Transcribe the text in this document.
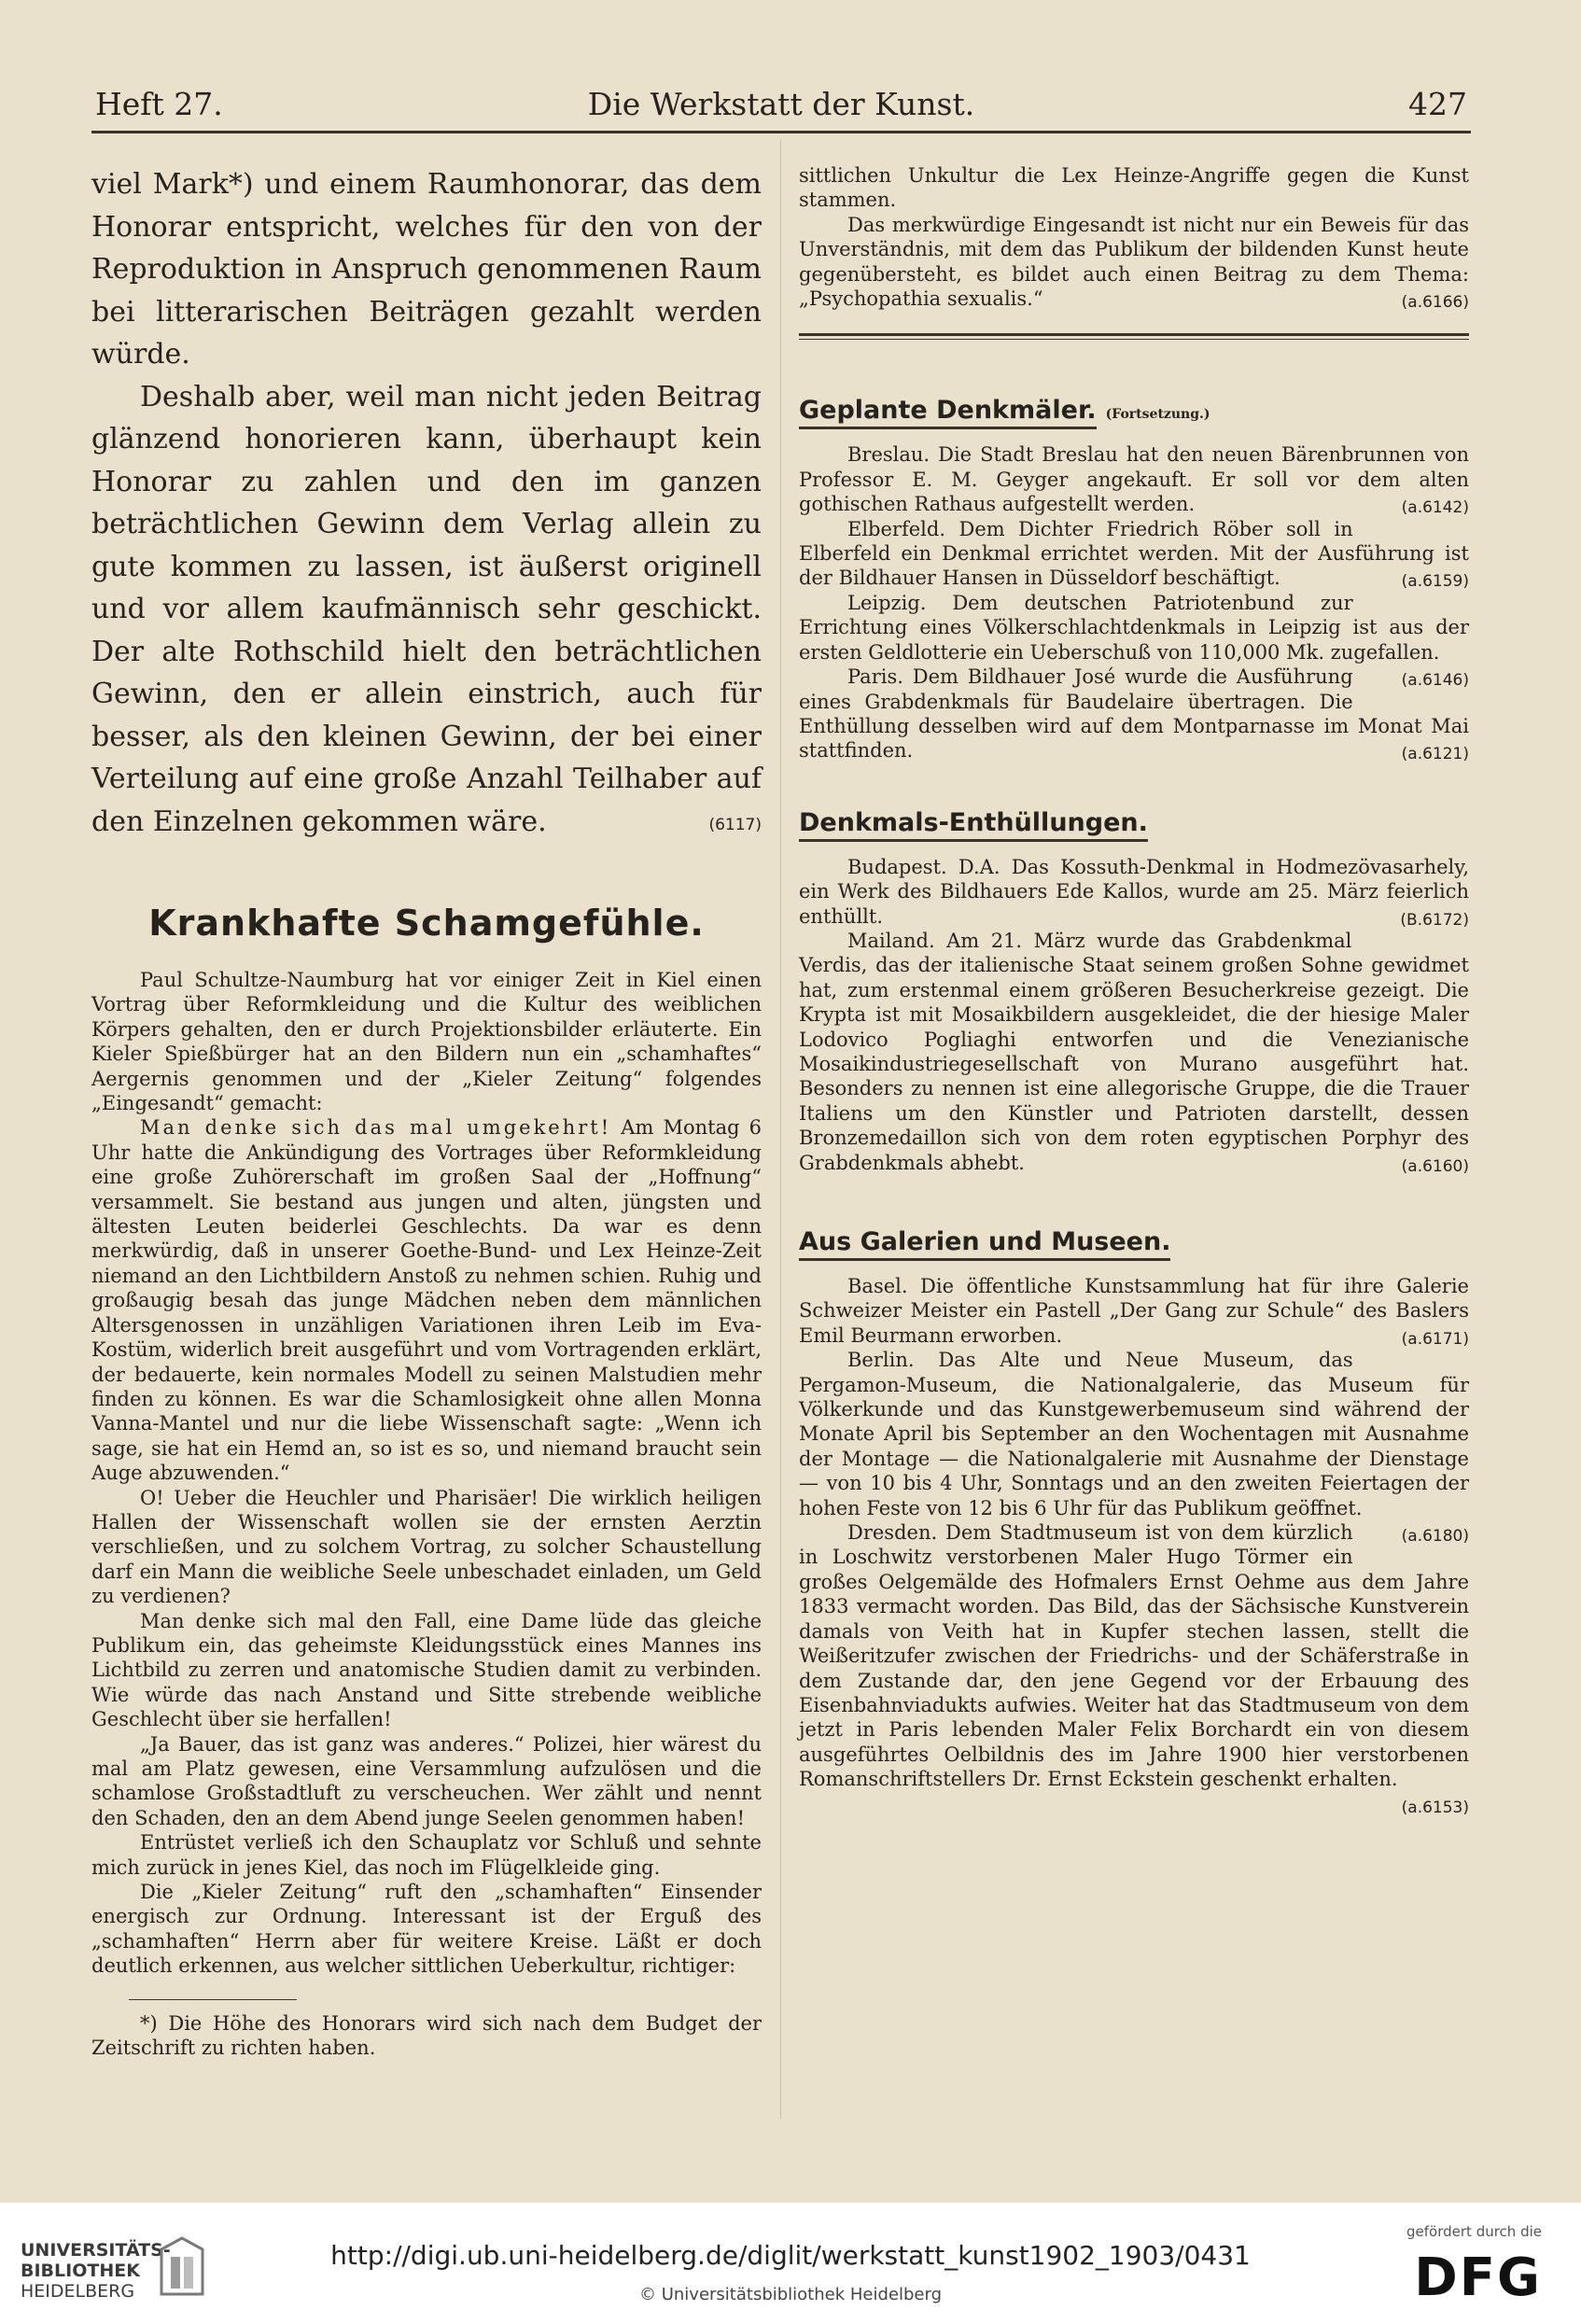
Heft 27.	Die Werkstatt der Kunst.	427

viel Mark*) und einem Raumhonorar, das dem Honorar entspricht, welches für den von der Reproduktion in Anspruch genommenen Raum bei litterarischen Beiträgen gezahlt werden würde.

Deshalb aber, weil man nicht jeden Beitrag glänzend honorieren kann, überhaupt kein Honorar zu zahlen und den im ganzen beträchtlichen Gewinn dem Verlag allein zu gute kommen zu lassen, ist äußerst originell und vor allem kaufmännisch sehr geschickt. Der alte Rothschild hielt den beträchtlichen Gewinn, den er allein einstrich, auch für besser, als den kleinen Gewinn, der bei einer Verteilung auf eine große Anzahl Teilhaber auf den Einzelnen gekommen wäre.	(6117)

Krankhafte Schamgefühle.

Paul Schultze-Naumburg hat vor einiger Zeit in Kiel einen Vortrag über Reformkleidung und die Kultur des weiblichen Körpers gehalten, den er durch Projektionsbilder erläuterte. Ein Kieler Spießbürger hat an den Bildern nun ein „schamhaftes“ Aergernis genommen und der „Kieler Zeitung“ folgendes „Eingesandt“ gemacht:

Man denke sich das mal umgekehrt! Am Montag 6 Uhr hatte die Ankündigung des Vortrages über Reformkleidung eine große Zuhörerschaft im großen Saal der „Hoffnung“ versammelt. Sie bestand aus jungen und alten, jüngsten und ältesten Leuten beiderlei Geschlechts. Da war es denn merkwürdig, daß in unserer Goethe-Bund- und Lex Heinze-Zeit niemand an den Lichtbildern Anstoß zu nehmen schien. Ruhig und großaugig besah das junge Mädchen neben dem männlichen Altersgenossen in unzähligen Variationen ihren Leib im Eva-Kostüm, widerlich breit ausgeführt und vom Vortragenden erklärt, der bedauerte, kein normales Modell zu seinen Malstudien mehr finden zu können. Es war die Schamlosigkeit ohne allen Monna Vanna-Mantel und nur die liebe Wissenschaft sagte: „Wenn ich sage, sie hat ein Hemd an, so ist es so, und niemand braucht sein Auge abzuwenden.“

O! Ueber die Heuchler und Pharisäer! Die wirklich heiligen Hallen der Wissenschaft wollen sie der ernsten Aerztin verschließen, und zu solchem Vortrag, zu solcher Schaustellung darf ein Mann die weibliche Seele unbeschadet einladen, um Geld zu verdienen?

Man denke sich mal den Fall, eine Dame lüde das gleiche Publikum ein, das geheimste Kleidungsstück eines Mannes ins Lichtbild zu zerren und anatomische Studien damit zu verbinden. Wie würde das nach Anstand und Sitte strebende weibliche Geschlecht über sie herfallen!

„Ja Bauer, das ist ganz was anderes.“ Polizei, hier wärest du mal am Platz gewesen, eine Versammlung aufzulösen und die schamlose Großstadtluft zu verscheuchen. Wer zählt und nennt den Schaden, den an dem Abend junge Seelen genommen haben!

Entrüstet verließ ich den Schauplatz vor Schluß und sehnte mich zurück in jenes Kiel, das noch im Flügelkleide ging.

Die „Kieler Zeitung“ ruft den „schamhaften“ Einsender energisch zur Ordnung. Interessant ist der Erguß des „schamhaften“ Herrn aber für weitere Kreise. Läßt er doch deutlich erkennen, aus welcher sittlichen Ueberkultur, richtiger:

*) Die Höhe des Honorars wird sich nach dem Budget der Zeitschrift zu richten haben.

sittlichen Unkultur die Lex Heinze-Angriffe gegen die Kunst stammen.

Das merkwürdige Eingesandt ist nicht nur ein Beweis für das Unverständnis, mit dem das Publikum der bildenden Kunst heute gegenübersteht, es bildet auch einen Beitrag zu dem Thema: „Psychopathia sexualis.“	(a.6166)

Geplante Denkmäler. (Fortsetzung.)

Breslau. Die Stadt Breslau hat den neuen Bärenbrunnen von Professor E. M. Geyger angekauft. Er soll vor dem alten gothischen Rathaus aufgestellt werden.	(a.6142)

Elberfeld. Dem Dichter Friedrich Röber soll in Elberfeld ein Denkmal errichtet werden. Mit der Ausführung ist der Bildhauer Hansen in Düsseldorf beschäftigt.	(a.6159)

Leipzig. Dem deutschen Patriotenbund zur Errichtung eines Völkerschlachtdenkmals in Leipzig ist aus der ersten Geldlotterie ein Ueberschuß von 110,000 Mk. zugefallen.
(a.6146)

Paris. Dem Bildhauer José wurde die Ausführung eines Grabdenkmals für Baudelaire übertragen. Die Enthüllung desselben wird auf dem Montparnasse im Monat Mai stattfinden.	(a.6121)

Denkmals-Enthüllungen.

Budapest. D.A. Das Kossuth-Denkmal in Hodmezövasarhely, ein Werk des Bildhauers Ede Kallos, wurde am 25. März feierlich enthüllt.	(B.6172)

Mailand. Am 21. März wurde das Grabdenkmal Verdis, das der italienische Staat seinem großen Sohne gewidmet hat, zum erstenmal einem größeren Besucherkreise gezeigt. Die Krypta ist mit Mosaikbildern ausgekleidet, die der hiesige Maler Lodovico Pogliaghi entworfen und die Venezianische Mosaikindustriegesellschaft von Murano ausgeführt hat. Besonders zu nennen ist eine allegorische Gruppe, die die Trauer Italiens um den Künstler und Patrioten darstellt, dessen Bronzemedaillon sich von dem roten egyptischen Porphyr des Grabdenkmals abhebt.	(a.6160)

Aus Galerien und Museen.

Basel. Die öffentliche Kunstsammlung hat für ihre Galerie Schweizer Meister ein Pastell „Der Gang zur Schule“ des Baslers Emil Beurmann erworben.	(a.6171)

Berlin. Das Alte und Neue Museum, das Pergamon-Museum, die Nationalgalerie, das Museum für Völkerkunde und das Kunstgewerbemuseum sind während der Monate April bis September an den Wochentagen mit Ausnahme der Montage — die Nationalgalerie mit Ausnahme der Dienstage — von 10 bis 4 Uhr, Sonntags und an den zweiten Feiertagen der hohen Feste von 12 bis 6 Uhr für das Publikum geöffnet.
(a.6180)

Dresden. Dem Stadtmuseum ist von dem kürzlich in Loschwitz verstorbenen Maler Hugo Törmer ein großes Oelgemälde des Hofmalers Ernst Oehme aus dem Jahre 1833 vermacht worden. Das Bild, das der Sächsische Kunstverein damals von Veith hat in Kupfer stechen lassen, stellt die Weißeritzufer zwischen der Friedrichs- und der Schäferstraße in dem Zustande dar, den jene Gegend vor der Erbauung des Eisenbahnviadukts aufwies. Weiter hat das Stadtmuseum von dem jetzt in Paris lebenden Maler Felix Borchardt ein von diesem ausgeführtes Oelbildnis des im Jahre 1900 hier verstorbenen Romanschriftstellers Dr. Ernst Eckstein geschenkt erhalten.
(a.6153)

UNIVERSITÄTS-
BIBLIOTHEK
HEIDELBERG
http://digi.ub.uni-heidelberg.de/diglit/werkstatt_kunst1902_1903/0431
© Universitätsbibliothek Heidelberg
gefördert durch die
DFG
